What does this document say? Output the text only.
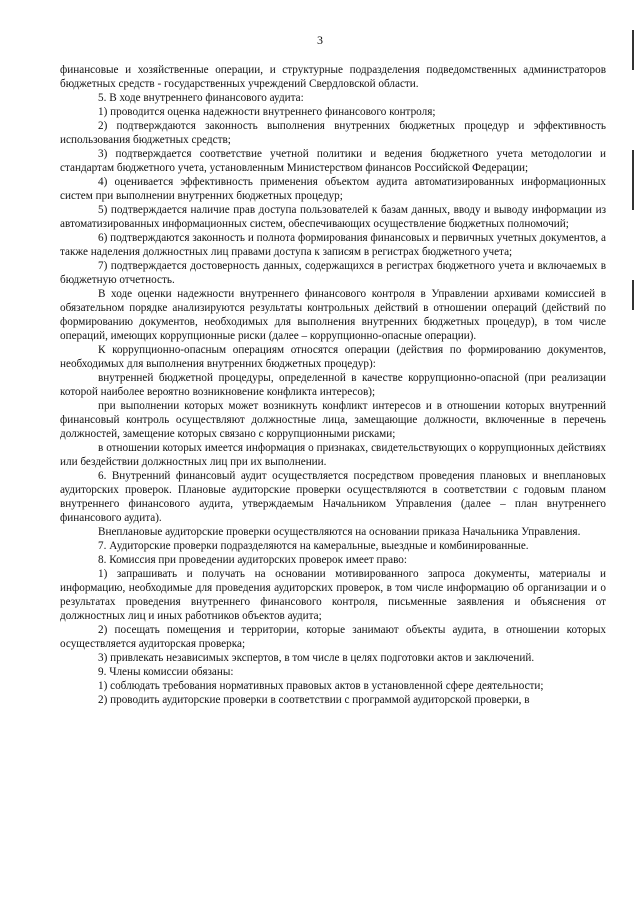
3

финансовые и хозяйственные операции, и структурные подразделения подведомственных администраторов бюджетных средств - государственных учреждений Свердловской области.

5. В ходе внутреннего финансового аудита:

1) проводится оценка надежности внутреннего финансового контроля;

2) подтверждаются законность выполнения внутренних бюджетных процедур и эффективность использования бюджетных средств;

3) подтверждается соответствие учетной политики и ведения бюджетного учета методологии и стандартам бюджетного учета, установленным Министерством финансов Российской Федерации;

4) оценивается эффективность применения объектом аудита автоматизированных информационных систем при выполнении внутренних бюджетных процедур;

5) подтверждается наличие прав доступа пользователей к базам данных, вводу и выводу информации из автоматизированных информационных систем, обеспечивающих осуществление бюджетных полномочий;

6) подтверждаются законность и полнота формирования финансовых и первичных учетных документов, а также наделения должностных лиц правами доступа к записям в регистрах бюджетного учета;

7) подтверждается достоверность данных, содержащихся в регистрах бюджетного учета и включаемых в бюджетную отчетность.

В ходе оценки надежности внутреннего финансового контроля в Управлении архивами комиссией в обязательном порядке анализируются результаты контрольных действий в отношении операций (действий по формированию документов, необходимых для выполнения внутренних бюджетных процедур), в том числе операций, имеющих коррупционные риски (далее – коррупционно-опасные операции).

К коррупционно-опасным операциям относятся операции (действия по формированию документов, необходимых для выполнения внутренних бюджетных процедур):

внутренней бюджетной процедуры, определенной в качестве коррупционно-опасной (при реализации которой наиболее вероятно возникновение конфликта интересов);

при выполнении которых может возникнуть конфликт интересов и в отношении которых внутренний финансовый контроль осуществляют должностные лица, замещающие должности, включенные в перечень должностей, замещение которых связано с коррупционными рисками;

в отношении которых имеется информация о признаках, свидетельствующих о коррупционных действиях или бездействии должностных лиц при их выполнении.

6. Внутренний финансовый аудит осуществляется посредством проведения плановых и внеплановых аудиторских проверок. Плановые аудиторские проверки осуществляются в соответствии с годовым планом внутреннего финансового аудита, утверждаемым Начальником Управления (далее – план внутреннего финансового аудита).

Внеплановые аудиторские проверки осуществляются на основании приказа Начальника Управления.

7. Аудиторские проверки подразделяются на камеральные, выездные и комбинированные.

8. Комиссия при проведении аудиторских проверок имеет право:

1) запрашивать и получать на основании мотивированного запроса документы, материалы и информацию, необходимые для проведения аудиторских проверок, в том числе информацию об организации и о результатах проведения внутреннего финансового контроля, письменные заявления и объяснения от должностных лиц и иных работников объектов аудита;

2) посещать помещения и территории, которые занимают объекты аудита, в отношении которых осуществляется аудиторская проверка;

3) привлекать независимых экспертов, в том числе в целях подготовки актов и заключений.

9. Члены комиссии обязаны:

1) соблюдать требования нормативных правовых актов в установленной сфере деятельности;

2) проводить аудиторские проверки в соответствии с программой аудиторской проверки, в
